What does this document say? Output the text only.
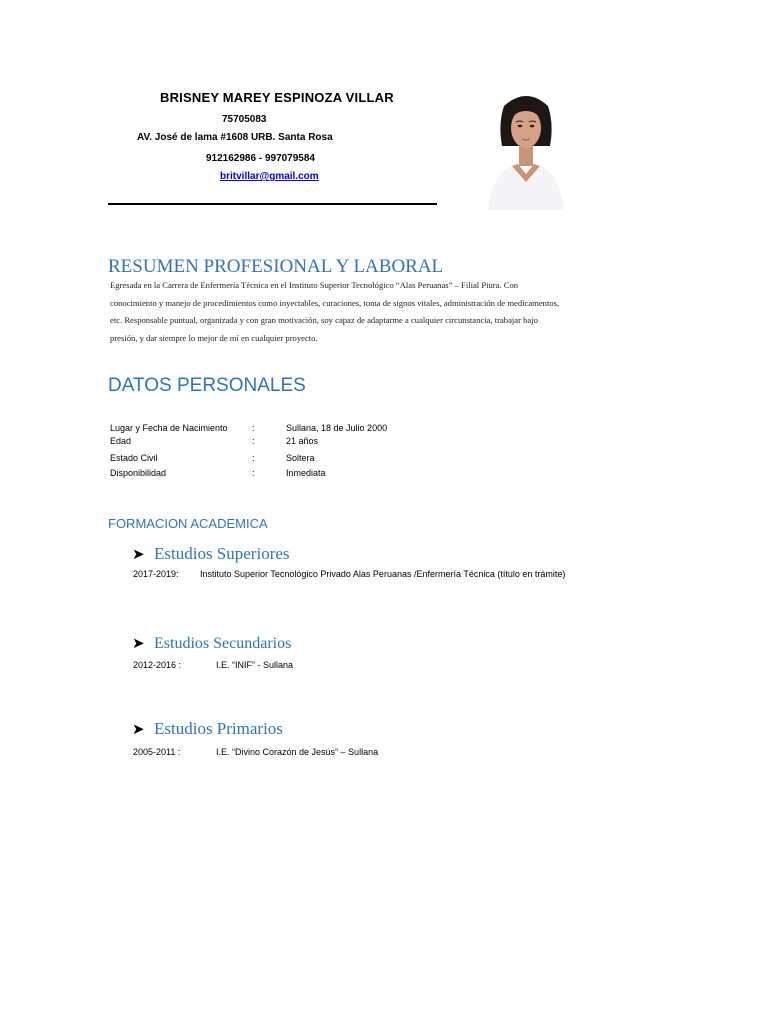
BRISNEY MAREY ESPINOZA VILLAR
75705083
AV. José de lama #1608 URB. Santa Rosa
912162986 - 997079584
britvillar@gmail.com
RESUMEN PROFESIONAL Y LABORAL
Egresada en la Carrera de Enfermería Técnica en el Instituto Superior Tecnológico “Alas Peruanas” – Filial Piura. Con
conocimiento y manejo de procedimientos como inyectables, curaciones, toma de signos vitales, administración de medicamentos,
etc. Responsable puntual, organizada y con gran motivación, soy capaz de adaptarme a cualquier circunstancia, trabajar bajo
presión, y dar siempre lo mejor de mí en cualquier proyecto.
DATOS PERSONALES
Lugar y Fecha de Nacimiento	:	Sullana, 18 de Julio 2000
Edad	:	21 años
Estado Civil	:	Soltera
Disponibilidad	:	Inmediata
FORMACION ACADEMICA
➤ Estudios Superiores
2017-2019: Instituto Superior Tecnológico Privado Alas Peruanas /Enfermería Técnica (título en trámite)
➤ Estudios Secundarios
2012-2016 :	I.E. “INIF” - Sullana
➤ Estudios Primarios
2005-2011 :	I.E. “Divino Corazón de Jesús” – Sullana
